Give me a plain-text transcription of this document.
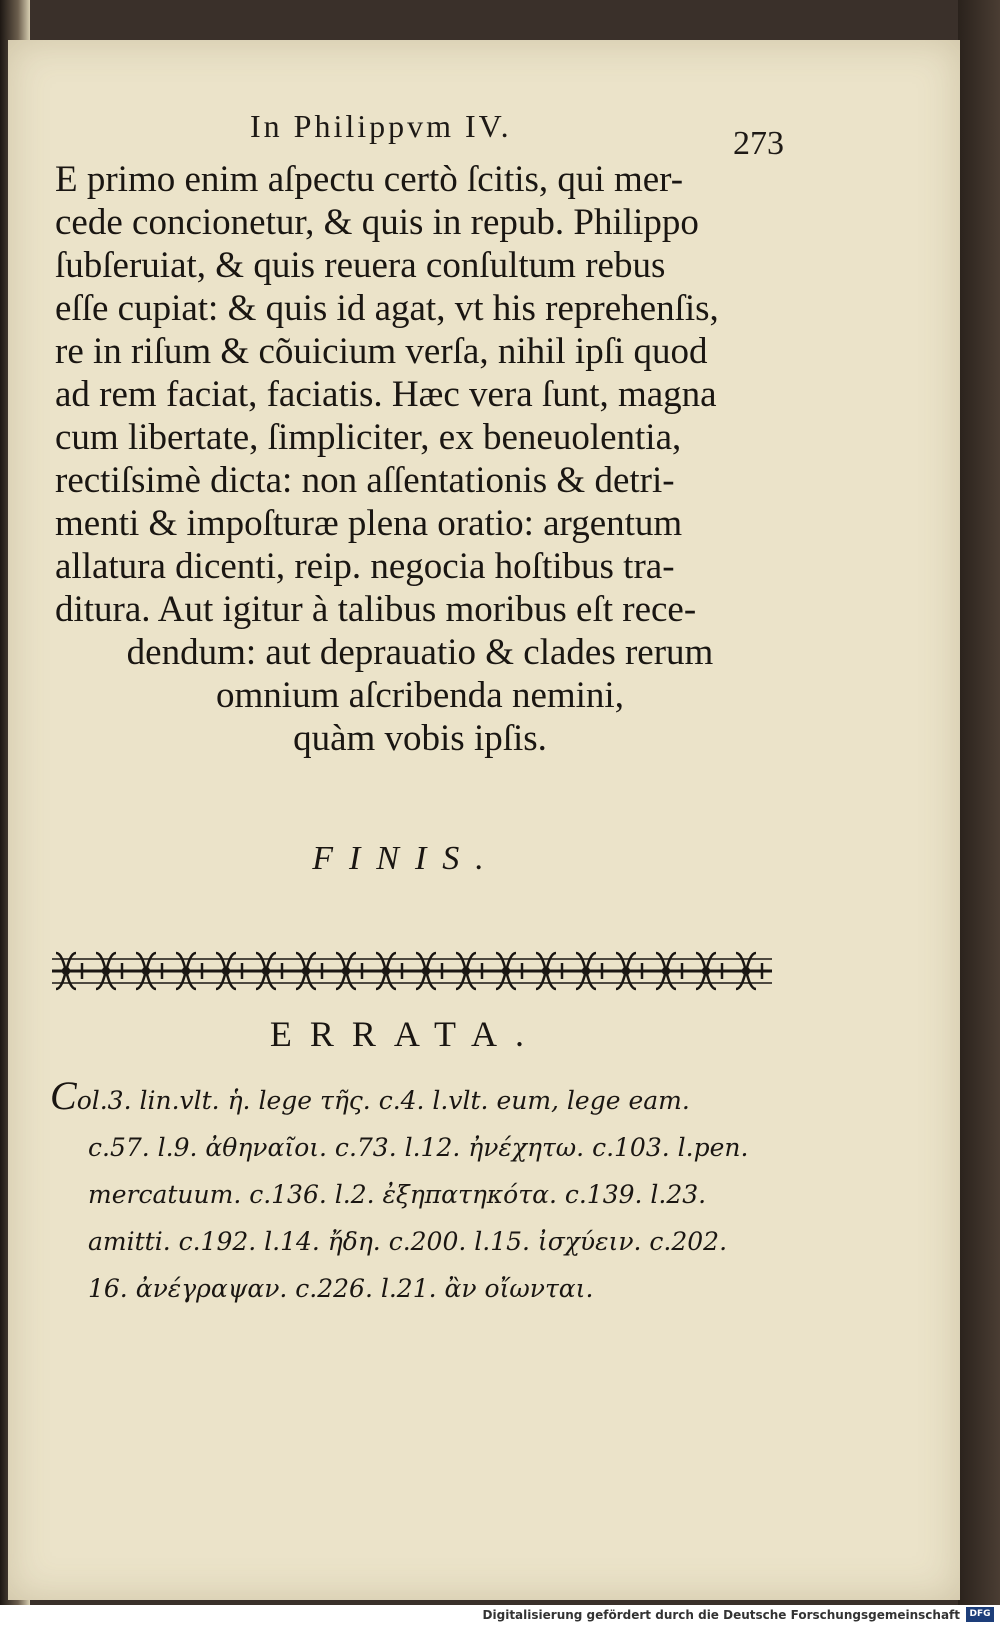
In Philippvm IV.	273
E primo enim aſpectu certò ſcitis, qui mer-
cede concionetur, & quis in repub. Philippo
ſubſeruiat, & quis reuera conſultum rebus
eſſe cupiat: & quis id agat, vt his reprehenſis,
re in riſum & cõuicium verſa, nihil ipſi quod
ad rem faciat, faciatis. Hæc vera ſunt, magna
cum libertate, ſimpliciter, ex beneuolentia,
rectiſsimè dicta: non aſſentationis & detri-
menti & impoſturæ plena oratio: argentum
allatura dicenti, reip. negocia hoſtibus tra-
ditura. Aut igitur à talibus moribus eſt rece-
dendum: aut deprauatio & clades rerum
omnium aſcribenda nemini,
quàm vobis ipſis.
FINIS.
ERRATA.
Col.3. lin.vlt. ἡ. lege τῆς. c.4. l.vlt. eum, lege eam.
c.57. l.9. ἀθηναῖοι. c.73. l.12. ἠνέχητω. c.103. l.pen.
mercatuum. c.136. l.2. ἐξηπατηκότα. c.139. l.23.
amitti. c.192. l.14. ἤδη. c.200. l.15. ἰσχύειν. c.202.
16. ἀνέγραψαν. c.226. l.21. ἂν οἴωνται.
Digitalisierung gefördert durch die Deutsche Forschungsgemeinschaft	DFG
